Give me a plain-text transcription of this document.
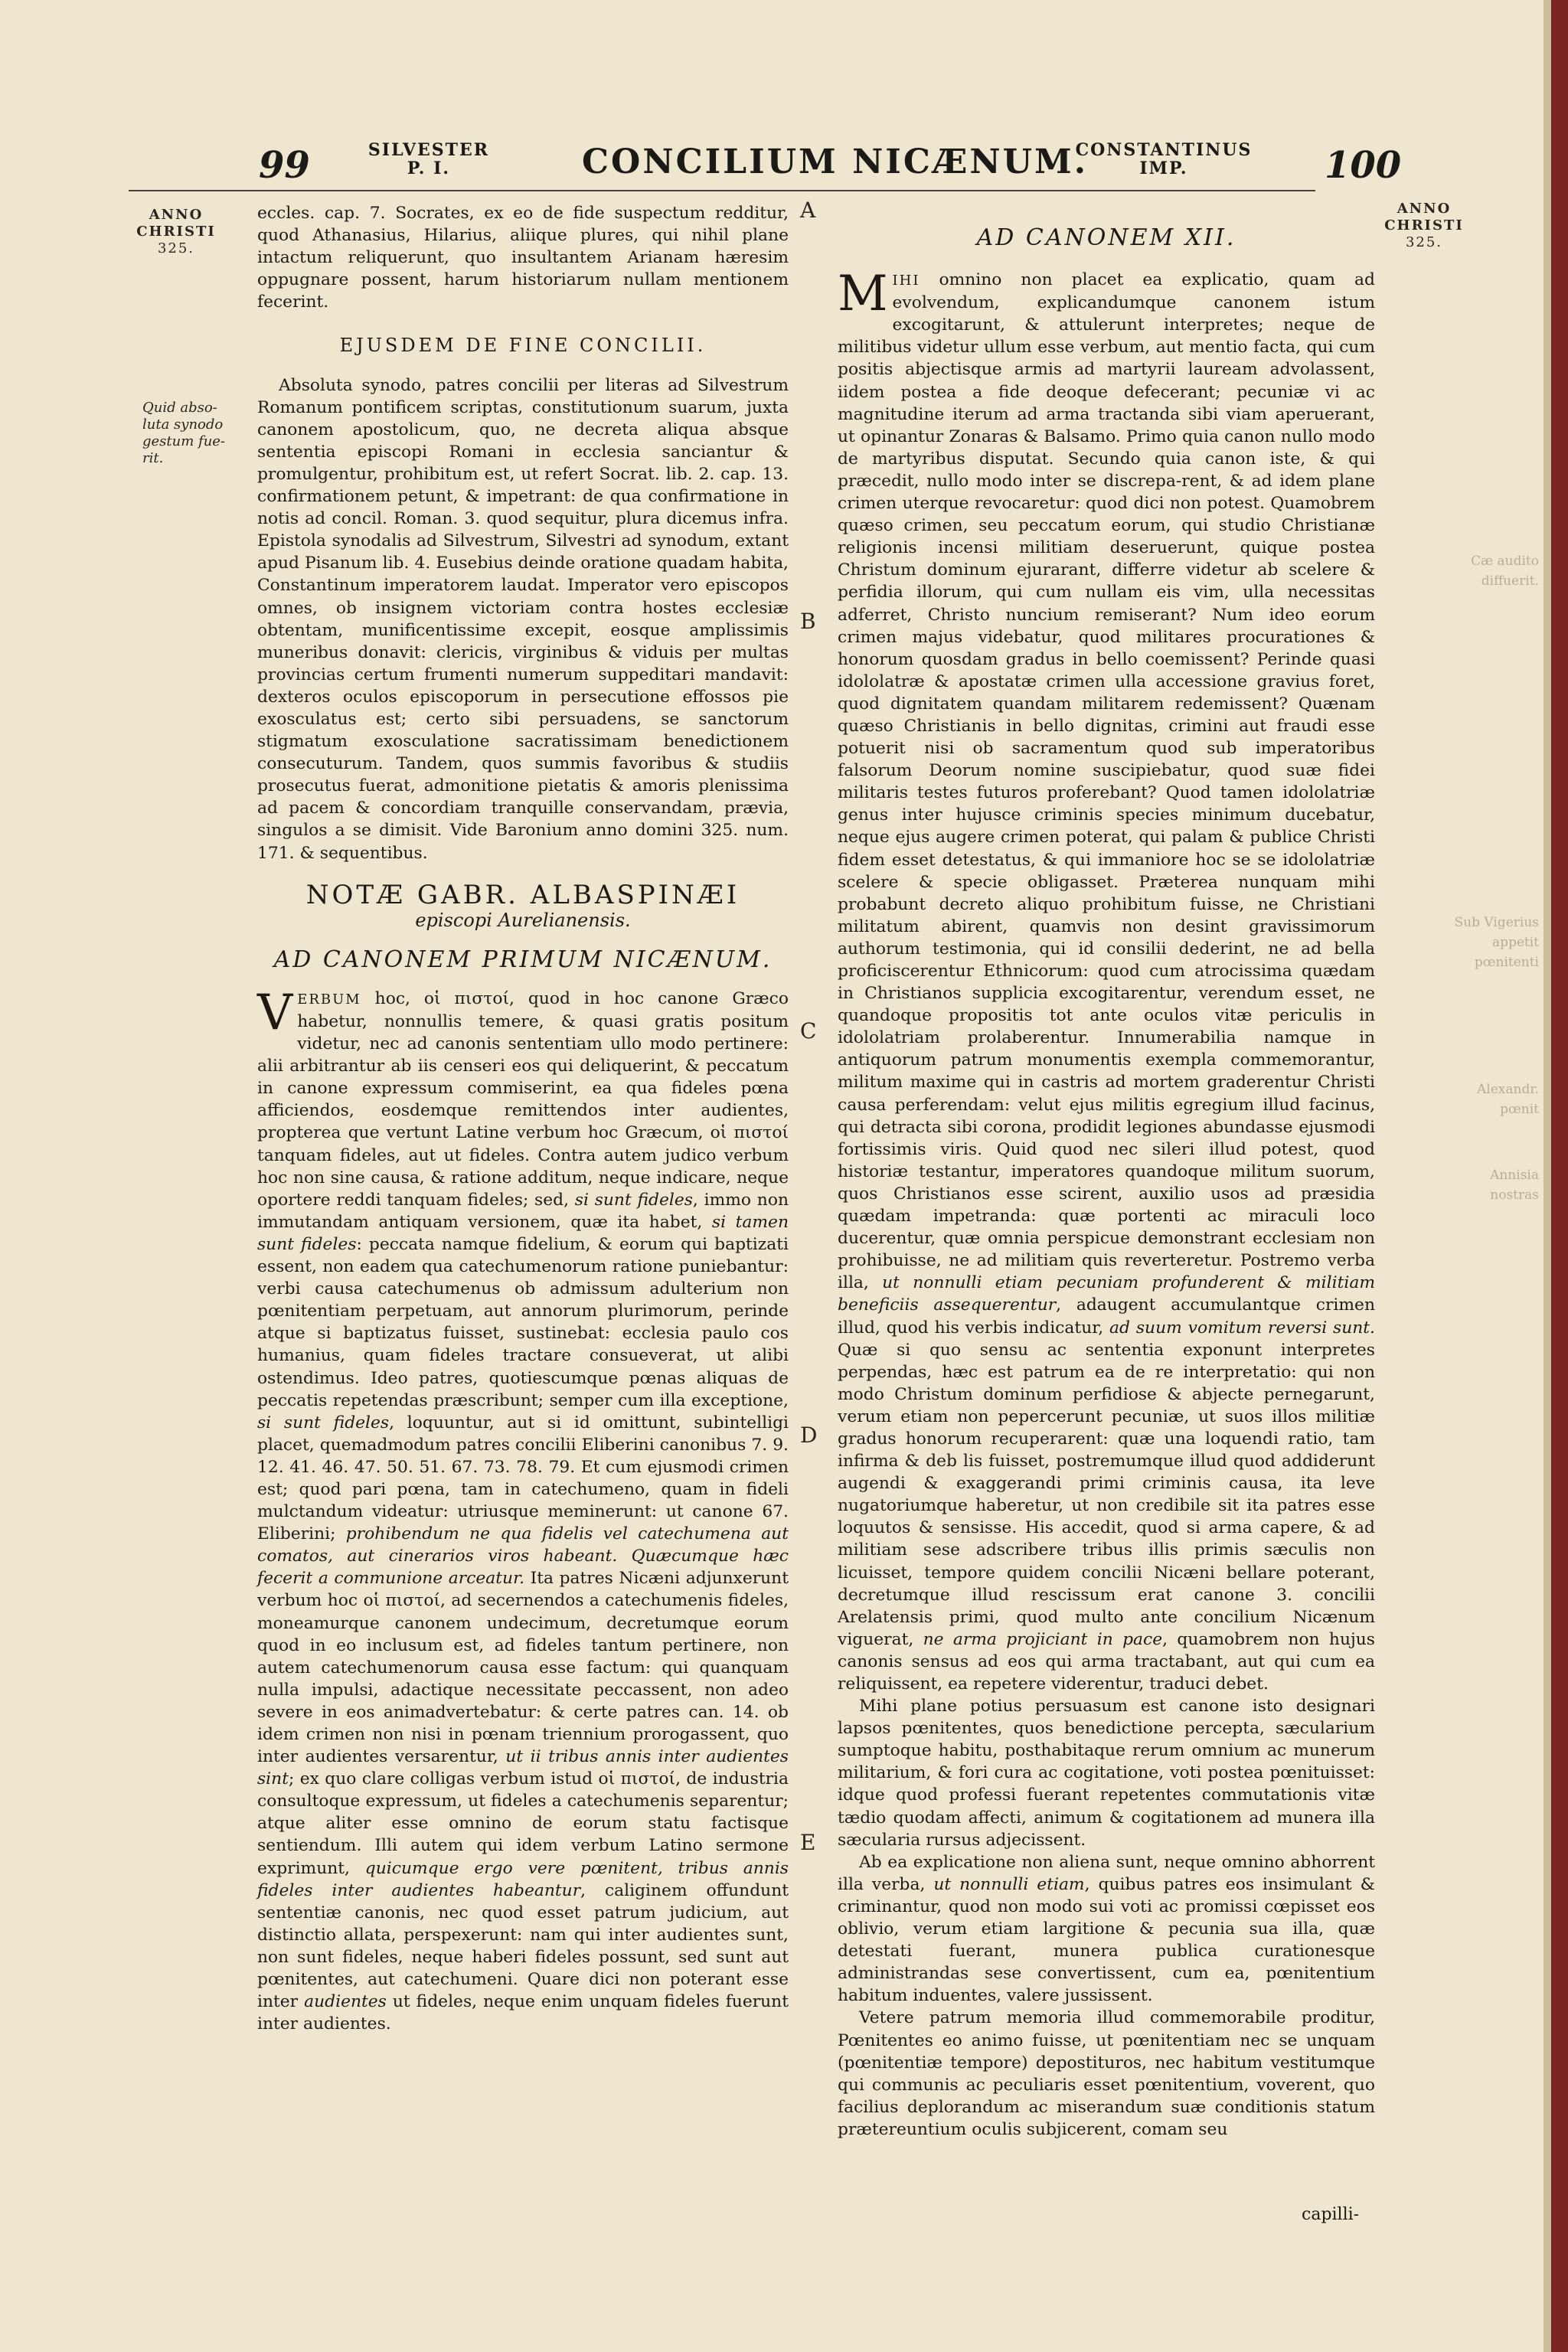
Cæ audito
diffuerit.
Sub Vigerius
appetit
pœnitenti
Alexandr.
pœnit
Annisia
nostras
99	SILVESTER
P. I.	CONCILIUM NICÆNUM.
CONSTANTINUS
IMP.	100
ANNO
CHRISTI
325.
ANNO
CHRISTI
325.
Quid abso-
luta synodo
gestum fue-
rit.
A
B
C
D
E

eccles. cap. 7. Socrates, ex eo de fide suspectum redditur, quod Athanasius, Hilarius, aliique plures, qui nihil plane intactum reliquerunt, quo insultantem Arianam hæresim oppugnare possent, harum historiarum nullam mentionem fecerint.

EJUSDEM DE FINE CONCILII.

Absoluta synodo, patres concilii per literas ad Silvestrum Romanum pontificem scriptas, constitutionum suarum, juxta canonem apostolicum, quo, ne decreta aliqua absque sententia episcopi Romani in ecclesia sanciantur & promulgentur, prohibitum est, ut refert Socrat. lib. 2. cap. 13. confirmationem petunt, & impetrant: de qua confirmatione in notis ad concil. Roman. 3. quod sequitur, plura dicemus infra. Epistola synodalis ad Silvestrum, Silvestri ad synodum, extant apud Pisanum lib. 4. Eusebius deinde oratione quadam habita, Constantinum imperatorem laudat. Imperator vero episcopos omnes, ob insignem victoriam contra hostes ecclesiæ obtentam, munificentissime excepit, eosque amplissimis muneribus donavit: clericis, virginibus & viduis per multas provincias certum frumenti numerum suppeditari mandavit: dexteros oculos episcoporum in persecutione effossos pie exosculatus est; certo sibi persuadens, se sanctorum stigmatum exosculatione sacratissimam benedictionem consecuturum. Tandem, quos summis favoribus & studiis prosecutus fuerat, admonitione pietatis & amoris plenissima ad pacem & concordiam tranquille conservandam, prævia, singulos a se dimisit. Vide Baronium anno domini 325. num. 171. & sequentibus.

NOTÆ GABR. ALBASPINÆI
episcopi Aurelianensis.
AD CANONEM PRIMUM NICÆNUM.

VERBUM hoc, οἱ πιστοί, quod in hoc canone Græco habetur, nonnullis temere, & quasi gratis positum videtur, nec ad canonis sententiam ullo modo pertinere: alii arbitrantur ab iis censeri eos qui deliquerint, & peccatum in canone expressum commiserint, ea qua fideles pœna afficiendos, eosdemque remittendos inter audientes, propterea que vertunt Latine verbum hoc Græcum, οἱ πιστοί tanquam fideles, aut ut fideles. Contra autem judico verbum hoc non sine causa, & ratione additum, neque indicare, neque oportere reddi tanquam fideles; sed, si sunt fideles, immo non immutandam antiquam versionem, quæ ita habet, si tamen sunt fideles: peccata namque fidelium, & eorum qui baptizati essent, non eadem qua catechumenorum ratione puniebantur: verbi causa catechumenus ob admissum adulterium non pœnitentiam perpetuam, aut annorum plurimorum, perinde atque si baptizatus fuisset, sustinebat: ecclesia paulo cos humanius, quam fideles tractare consueverat, ut alibi ostendimus. Ideo patres, quotiescumque pœnas aliquas de peccatis repetendas præscribunt; semper cum illa exceptione, si sunt fideles, loquuntur, aut si id omittunt, subintelligi placet, quemadmodum patres concilii Eliberini canonibus 7. 9. 12. 41. 46. 47. 50. 51. 67. 73. 78. 79. Et cum ejusmodi crimen est; quod pari pœna, tam in catechumeno, quam in fideli mulctandum videatur: utriusque meminerunt: ut canone 67. Eliberini; prohibendum ne qua fidelis vel catechumena aut comatos, aut cinerarios viros habeant. Quæcumque hæc fecerit a communione arceatur. Ita patres Nicæni adjunxerunt verbum hoc οἱ πιστοί, ad secernendos a catechumenis fideles, moneamurque canonem undecimum, decretumque eorum quod in eo inclusum est, ad fideles tantum pertinere, non autem catechumenorum causa esse factum: qui quanquam nulla impulsi, adactique necessitate peccassent, non adeo severe in eos animadvertebatur: & certe patres can. 14. ob idem crimen non nisi in pœnam triennium prorogassent, quo inter audientes versarentur, ut ii tribus annis inter audientes sint; ex quo clare colligas verbum istud οἱ πιστοί, de industria consultoque expressum, ut fideles a catechumenis separentur; atque aliter esse omnino de eorum statu factisque sentiendum. Illi autem qui idem verbum Latino sermone exprimunt, quicumque ergo vere pœnitent, tribus annis fideles inter audientes habeantur, caliginem offundunt sententiæ canonis, nec quod esset patrum judicium, aut distinctio allata, perspexerunt: nam qui inter audientes sunt, non sunt fideles, neque haberi fideles possunt, sed sunt aut pœnitentes, aut catechumeni. Quare dici non poterant esse inter audientes ut fideles, neque enim unquam fideles fuerunt inter audientes.

AD CANONEM XII.

MIHI omnino non placet ea explicatio, quam ad evolvendum, explicandumque canonem istum excogitarunt, & attulerunt interpretes; neque de militibus videtur ullum esse verbum, aut mentio facta, qui cum positis abjectisque armis ad martyrii lauream advolassent, iidem postea a fide deoque defecerant; pecuniæ vi ac magnitudine iterum ad arma tractanda sibi viam aperuerant, ut opinantur Zonaras & Balsamo. Primo quia canon nullo modo de martyribus disputat. Secundo quia canon iste, & qui præcedit, nullo modo inter se discrepa-rent, & ad idem plane crimen uterque revocaretur: quod dici non potest. Quamobrem quæso crimen, seu peccatum eorum, qui studio Christianæ religionis incensi militiam deseruerunt, quique postea Christum dominum ejurarant, differre videtur ab scelere & perfidia illorum, qui cum nullam eis vim, ulla necessitas adferret, Christo nuncium remiserant? Num ideo eorum crimen majus videbatur, quod militares procurationes & honorum quosdam gradus in bello coemissent? Perinde quasi idololatræ & apostatæ crimen ulla accessione gravius foret, quod dignitatem quandam militarem redemissent? Quænam quæso Christianis in bello dignitas, crimini aut fraudi esse potuerit nisi ob sacramentum quod sub imperatoribus falsorum Deorum nomine suscipiebatur, quod suæ fidei militaris testes futuros proferebant? Quod tamen idololatriæ genus inter hujusce criminis species minimum ducebatur, neque ejus augere crimen poterat, qui palam & publice Christi fidem esset detestatus, & qui immaniore hoc se se idololatriæ scelere & specie obligasset. Præterea nunquam mihi probabunt decreto aliquo prohibitum fuisse, ne Christiani militatum abirent, quamvis non desint gravissimorum authorum testimonia, qui id consilii dederint, ne ad bella proficiscerentur Ethnicorum: quod cum atrocissima quædam in Christianos supplicia excogitarentur, verendum esset, ne quandoque propositis tot ante oculos vitæ periculis in idololatriam prolaberentur. Innumerabilia namque in antiquorum patrum monumentis exempla commemorantur, militum maxime qui in castris ad mortem graderentur Christi causa perferendam: velut ejus militis egregium illud facinus, qui detracta sibi corona, prodidit legiones abundasse ejusmodi fortissimis viris. Quid quod nec sileri illud potest, quod historiæ testantur, imperatores quandoque militum suorum, quos Christianos esse scirent, auxilio usos ad præsidia quædam impetranda: quæ portenti ac miraculi loco ducerentur, quæ omnia perspicue demonstrant ecclesiam non prohibuisse, ne ad militiam quis reverteretur. Postremo verba illa, ut nonnulli etiam pecuniam profunderent & militiam beneficiis assequerentur, adaugent accumulantque crimen illud, quod his verbis indicatur, ad suum vomitum reversi sunt. Quæ si quo sensu ac sententia exponunt interpretes perpendas, hæc est patrum ea de re interpretatio: qui non modo Christum dominum perfidiose & abjecte pernegarunt, verum etiam non pepercerunt pecuniæ, ut suos illos militiæ gradus honorum recuperarent: quæ una loquendi ratio, tam infirma & deb lis fuisset, postremumque illud quod addiderunt augendi & exaggerandi primi criminis causa, ita leve nugatoriumque haberetur, ut non credibile sit ita patres esse loquutos & sensisse. His accedit, quod si arma capere, & ad militiam sese adscribere tribus illis primis sæculis non licuisset, tempore quidem concilii Nicæni bellare poterant, decretumque illud rescissum erat canone 3. concilii Arelatensis primi, quod multo ante concilium Nicænum viguerat, ne arma projiciant in pace, quamobrem non hujus canonis sensus ad eos qui arma tractabant, aut qui cum ea reliquissent, ea repetere viderentur, traduci debet.

Mihi plane potius persuasum est canone isto designari lapsos pœnitentes, quos benedictione percepta, sæcularium sumptoque habitu, posthabitaque rerum omnium ac munerum militarium, & fori cura ac cogitatione, voti postea pœnituisset: idque quod professi fuerant repetentes commutationis vitæ tædio quodam affecti, animum & cogitationem ad munera illa sæcularia rursus adjecissent.

Ab ea explicatione non aliena sunt, neque omnino abhorrent illa verba, ut nonnulli etiam, quibus patres eos insimulant & criminantur, quod non modo sui voti ac promissi cœpisset eos oblivio, verum etiam largitione & pecunia sua illa, quæ detestati fuerant, munera publica curationesque administrandas sese convertissent, cum ea, pœnitentium habitum induentes, valere jussissent.

Vetere patrum memoria illud commemorabile proditur, Pœnitentes eo animo fuisse, ut pœnitentiam nec se unquam (pœnitentiæ tempore) depostituros, nec habitum vestitumque qui communis ac peculiaris esset pœnitentium, voverent, quo facilius deplorandum ac miserandum suæ conditionis statum prætereuntium oculis subjicerent, comam seu

capilli-
